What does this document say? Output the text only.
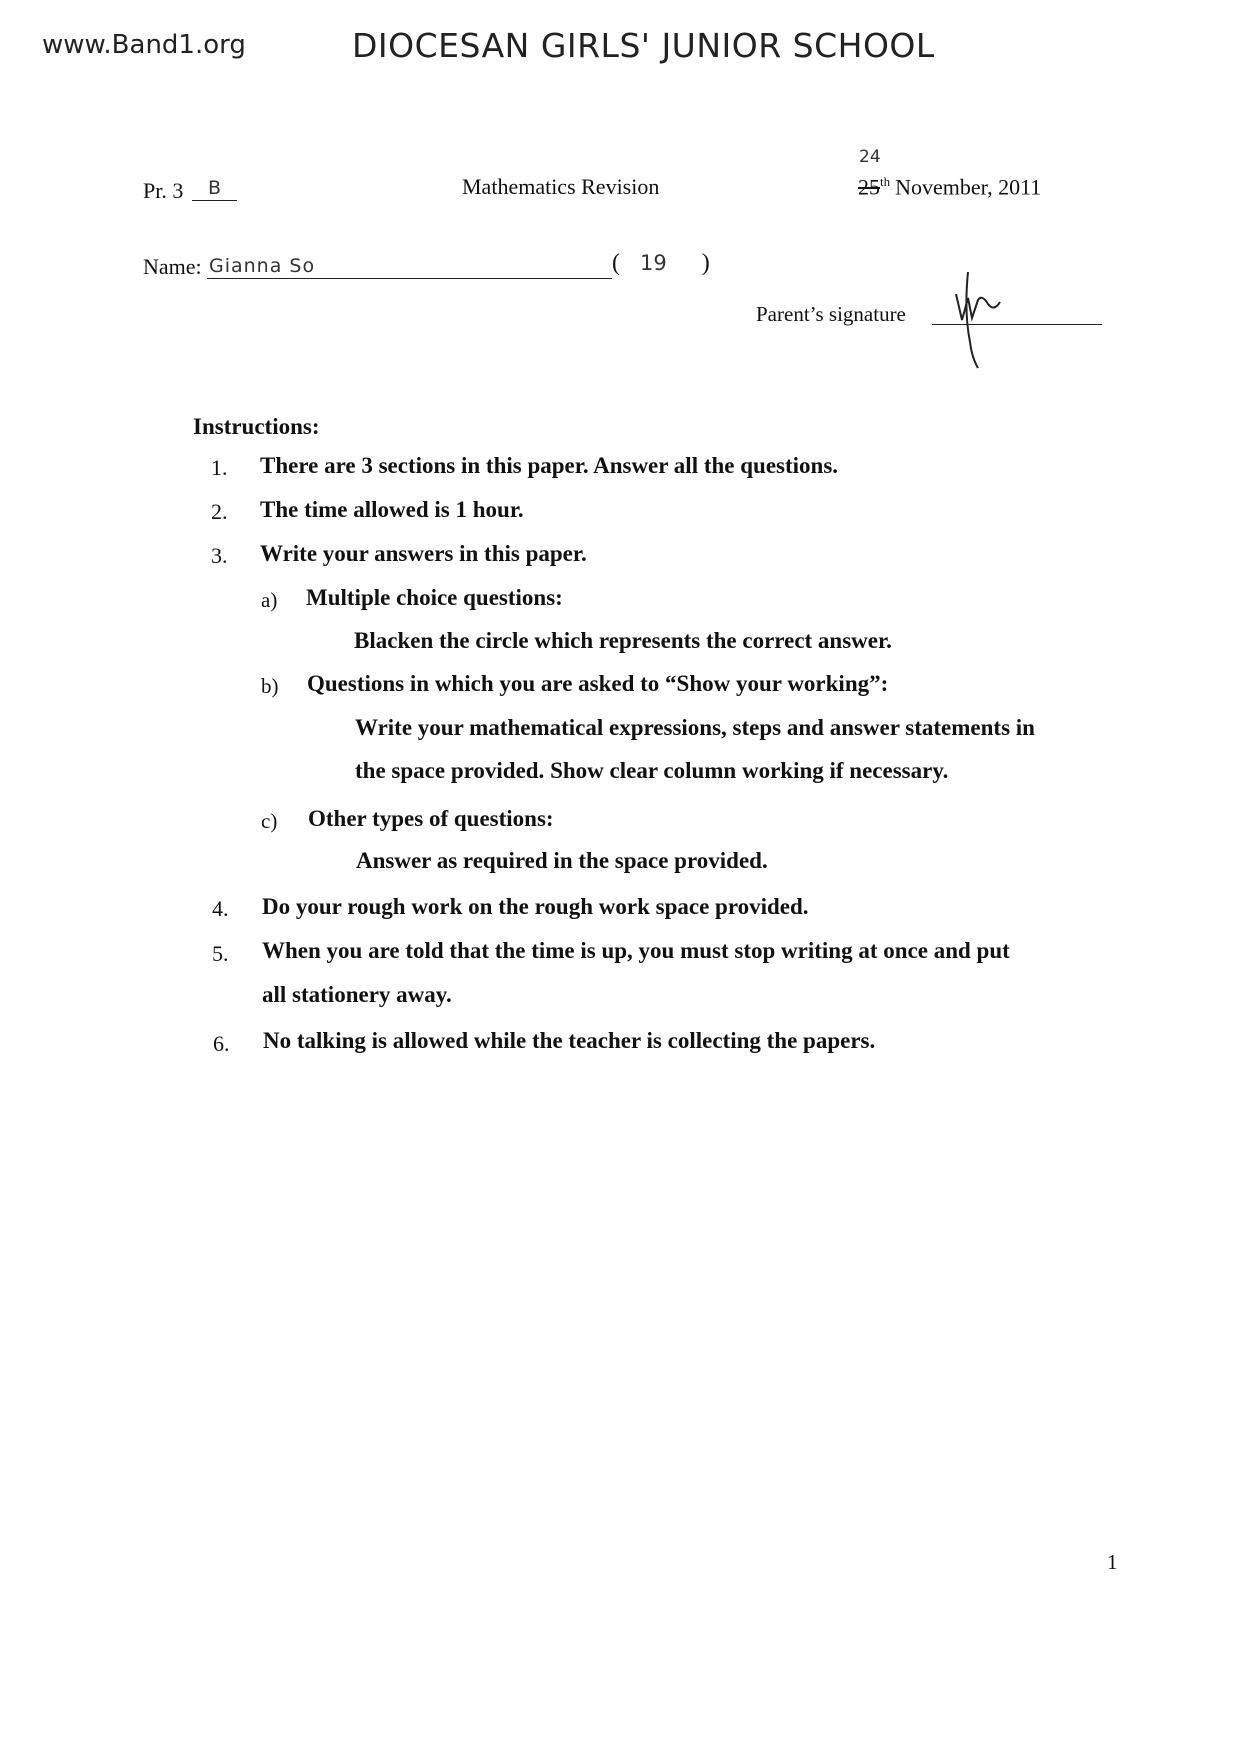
www.Band1.org	DIOCESAN GIRLS' JUNIOR SCHOOL
Pr. 3	B	Mathematics Revision
24
25th November, 2011
Name: Gianna So	( 19 )
Parent’s signature
Instructions:
1. There are 3 sections in this paper. Answer all the questions.
2. The time allowed is 1 hour.
3. Write your answers in this paper.
a) Multiple choice questions:
Blacken the circle which represents the correct answer.
b) Questions in which you are asked to “Show your working”:
Write your mathematical expressions, steps and answer statements in
the space provided. Show clear column working if necessary.
c) Other types of questions:
Answer as required in the space provided.
4. Do your rough work on the rough work space provided.
5. When you are told that the time is up, you must stop writing at once and put
all stationery away.
6. No talking is allowed while the teacher is collecting the papers.
1
